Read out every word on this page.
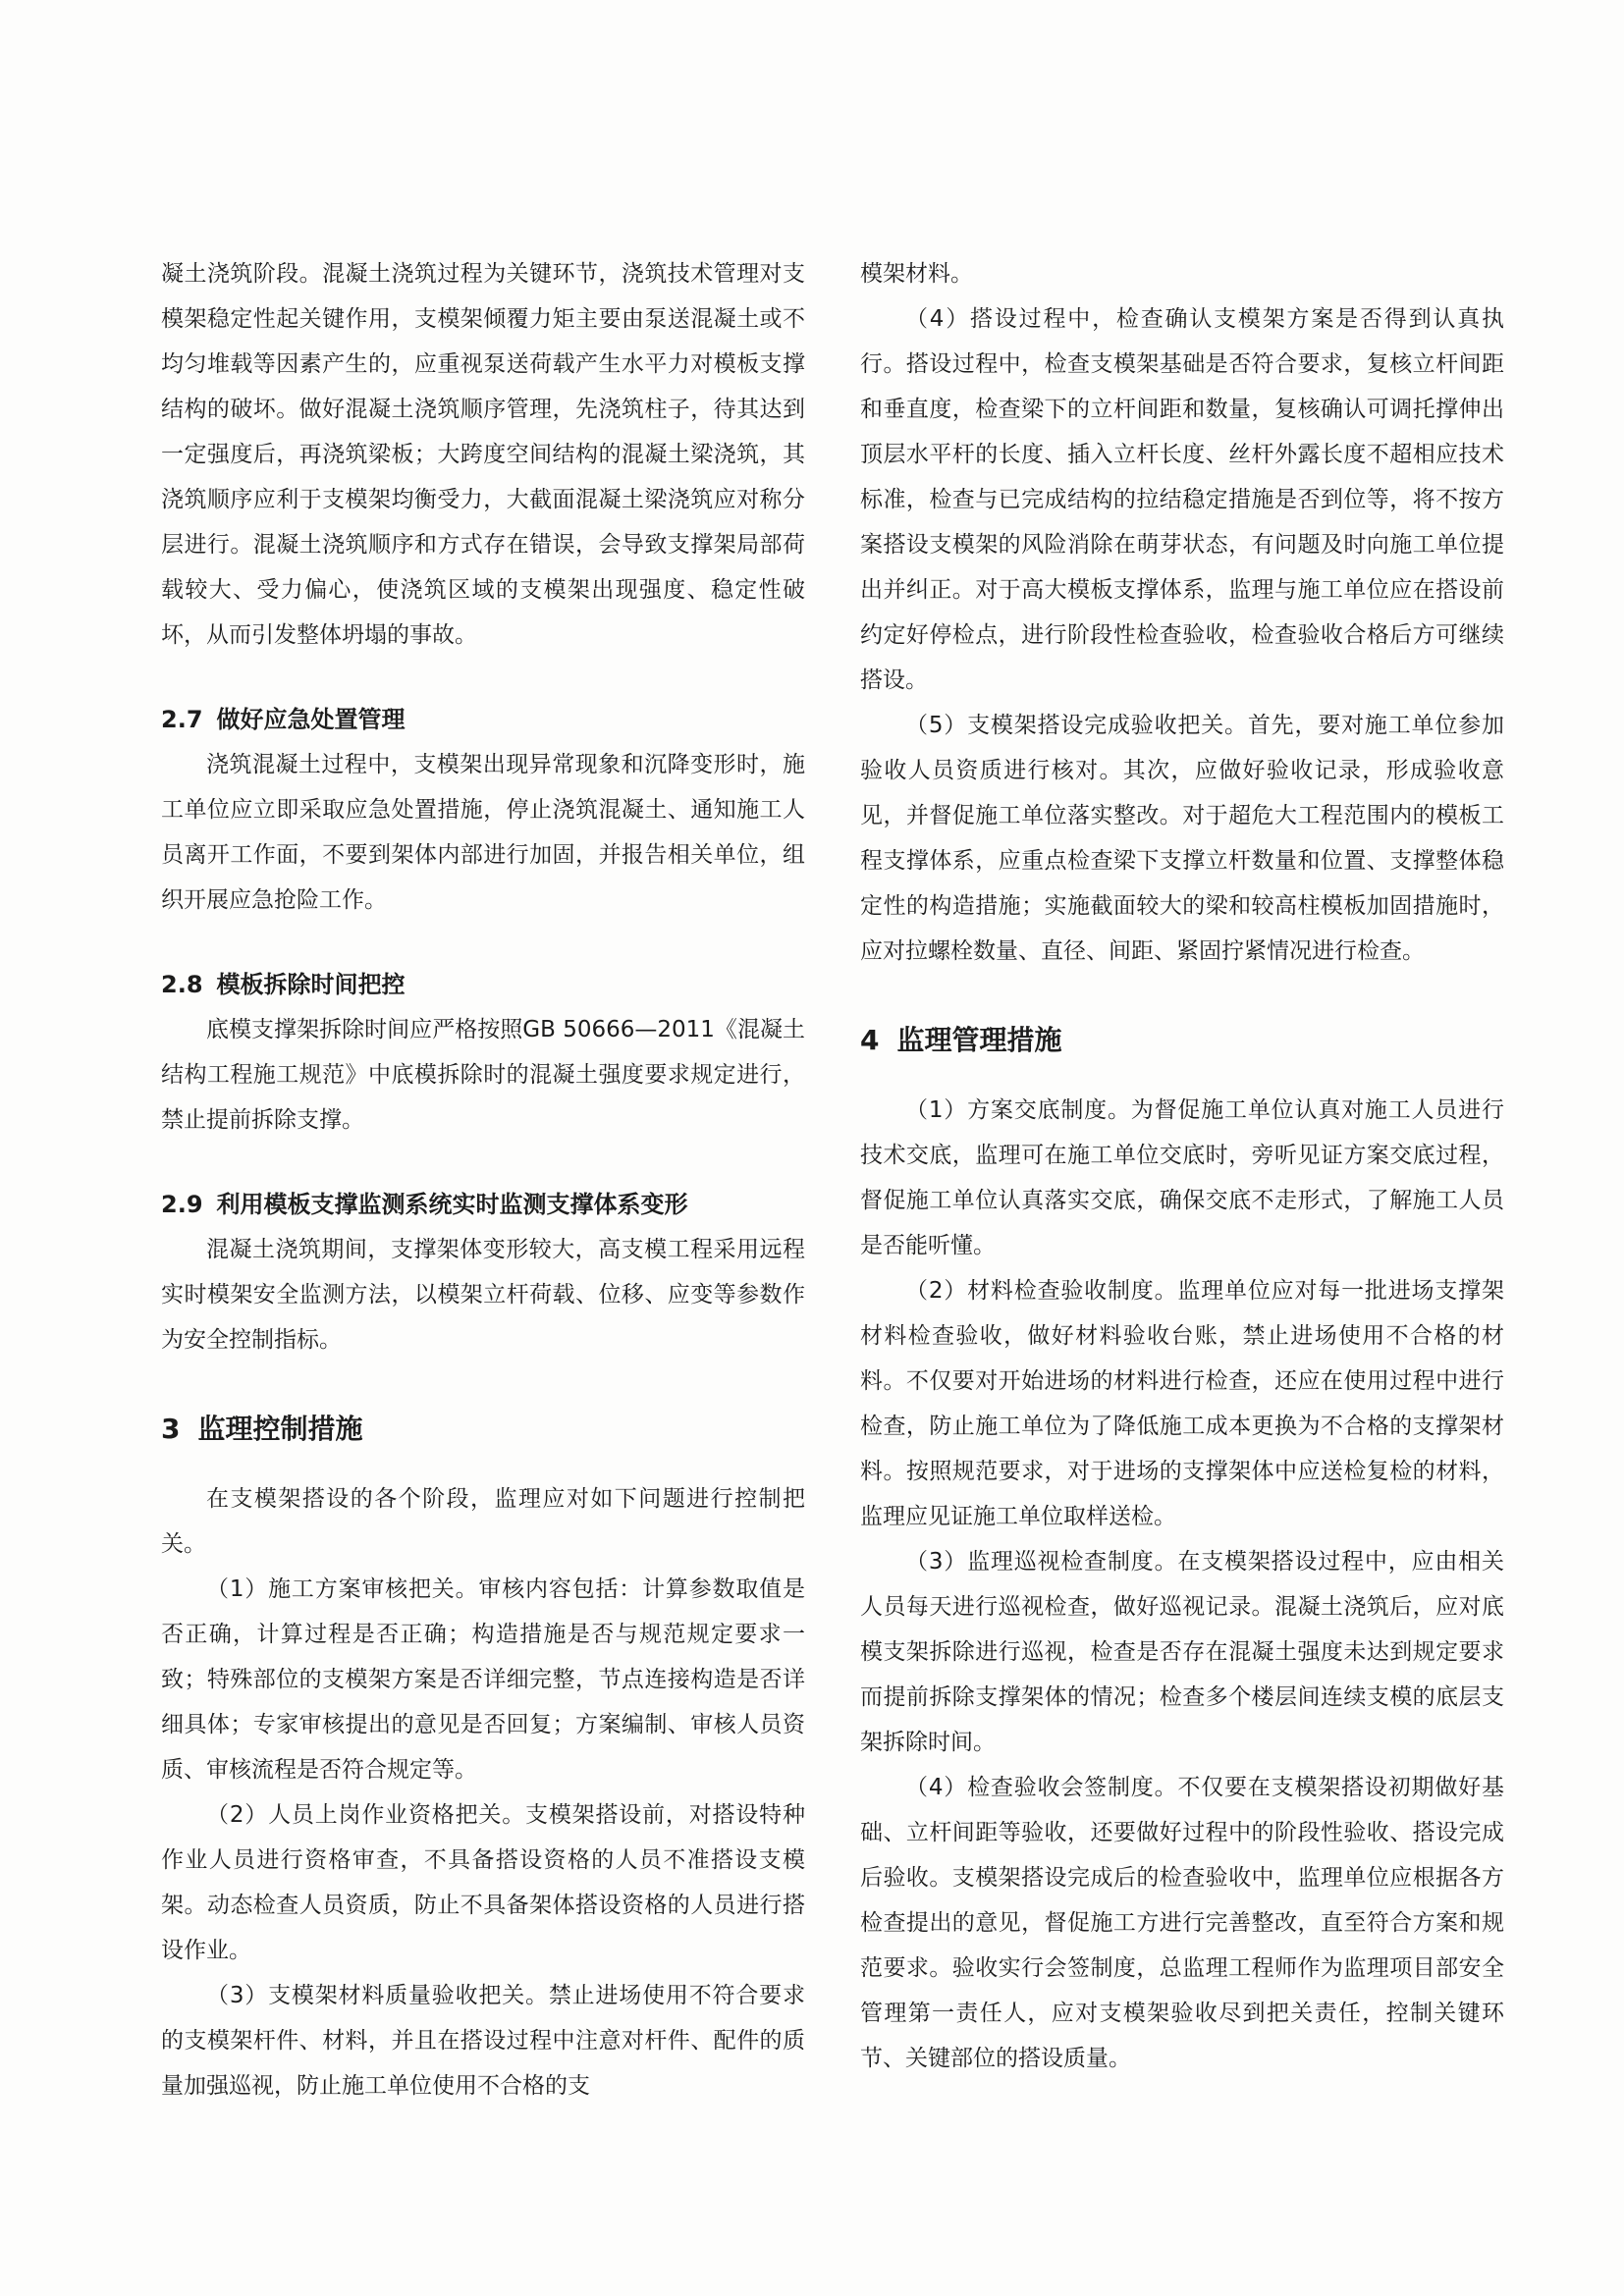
凝土浇筑阶段。混凝土浇筑过程为关键环节，浇筑技术管理对支模架稳定性起关键作用，支模架倾覆力矩主要由泵送混凝土或不均匀堆载等因素产生的，应重视泵送荷载产生水平力对模板支撑结构的破坏。做好混凝土浇筑顺序管理，先浇筑柱子，待其达到一定强度后，再浇筑梁板；大跨度空间结构的混凝土梁浇筑，其浇筑顺序应利于支模架均衡受力，大截面混凝土梁浇筑应对称分层进行。混凝土浇筑顺序和方式存在错误，会导致支撑架局部荷载较大、受力偏心，使浇筑区域的支模架出现强度、稳定性破坏，从而引发整体坍塌的事故。

2.7 做好应急处置管理

浇筑混凝土过程中，支模架出现异常现象和沉降变形时，施工单位应立即采取应急处置措施，停止浇筑混凝土、通知施工人员离开工作面，不要到架体内部进行加固，并报告相关单位，组织开展应急抢险工作。

2.8 模板拆除时间把控

底模支撑架拆除时间应严格按照GB 50666—2011《混凝土结构工程施工规范》中底模拆除时的混凝土强度要求规定进行，禁止提前拆除支撑。

2.9 利用模板支撑监测系统实时监测支撑体系变形

混凝土浇筑期间，支撑架体变形较大，高支模工程采用远程实时模架安全监测方法，以模架立杆荷载、位移、应变等参数作为安全控制指标。

3 监理控制措施

在支模架搭设的各个阶段，监理应对如下问题进行控制把关。

（1）施工方案审核把关。审核内容包括：计算参数取值是否正确，计算过程是否正确；构造措施是否与规范规定要求一致；特殊部位的支模架方案是否详细完整，节点连接构造是否详细具体；专家审核提出的意见是否回复；方案编制、审核人员资质、审核流程是否符合规定等。

（2）人员上岗作业资格把关。支模架搭设前，对搭设特种作业人员进行资格审查，不具备搭设资格的人员不准搭设支模架。动态检查人员资质，防止不具备架体搭设资格的人员进行搭设作业。

（3）支模架材料质量验收把关。禁止进场使用不符合要求的支模架杆件、材料，并且在搭设过程中注意对杆件、配件的质量加强巡视，防止施工单位使用不合格的支

模架材料。

（4）搭设过程中，检查确认支模架方案是否得到认真执行。搭设过程中，检查支模架基础是否符合要求，复核立杆间距和垂直度，检查梁下的立杆间距和数量，复核确认可调托撑伸出顶层水平杆的长度、插入立杆长度、丝杆外露长度不超相应技术标准，检查与已完成结构的拉结稳定措施是否到位等，将不按方案搭设支模架的风险消除在萌芽状态，有问题及时向施工单位提出并纠正。对于高大模板支撑体系，监理与施工单位应在搭设前约定好停检点，进行阶段性检查验收，检查验收合格后方可继续搭设。

（5）支模架搭设完成验收把关。首先，要对施工单位参加验收人员资质进行核对。其次，应做好验收记录，形成验收意见，并督促施工单位落实整改。对于超危大工程范围内的模板工程支撑体系，应重点检查梁下支撑立杆数量和位置、支撑整体稳定性的构造措施；实施截面较大的梁和较高柱模板加固措施时，应对拉螺栓数量、直径、间距、紧固拧紧情况进行检查。

4 监理管理措施

（1）方案交底制度。为督促施工单位认真对施工人员进行技术交底，监理可在施工单位交底时，旁听见证方案交底过程，督促施工单位认真落实交底，确保交底不走形式，了解施工人员是否能听懂。

（2）材料检查验收制度。监理单位应对每一批进场支撑架材料检查验收，做好材料验收台账，禁止进场使用不合格的材料。不仅要对开始进场的材料进行检查，还应在使用过程中进行检查，防止施工单位为了降低施工成本更换为不合格的支撑架材料。按照规范要求，对于进场的支撑架体中应送检复检的材料，监理应见证施工单位取样送检。

（3）监理巡视检查制度。在支模架搭设过程中，应由相关人员每天进行巡视检查，做好巡视记录。混凝土浇筑后，应对底模支架拆除进行巡视，检查是否存在混凝土强度未达到规定要求而提前拆除支撑架体的情况；检查多个楼层间连续支模的底层支架拆除时间。

（4）检查验收会签制度。不仅要在支模架搭设初期做好基础、立杆间距等验收，还要做好过程中的阶段性验收、搭设完成后验收。支模架搭设完成后的检查验收中，监理单位应根据各方检查提出的意见，督促施工方进行完善整改，直至符合方案和规范要求。验收实行会签制度，总监理工程师作为监理项目部安全管理第一责任人，应对支模架验收尽到把关责任，控制关键环节、关键部位的搭设质量。
